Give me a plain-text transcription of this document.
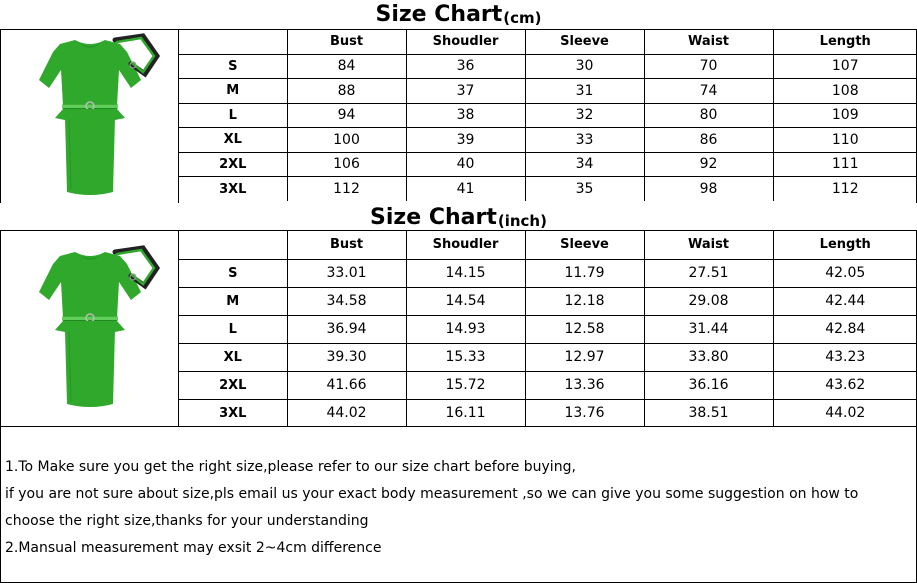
Size Chart (cm)
	Bust	Shoudler	Sleeve	Waist	Length
S	84	36	30	70	107
M	88	37	31	74	108
L	94	38	32	80	109
XL	100	39	33	86	110
2XL	106	40	34	92	111
3XL	112	41	35	98	112
Size Chart (inch)
	Bust	Shoudler	Sleeve	Waist	Length
S	33.01	14.15	11.79	27.51	42.05
M	34.58	14.54	12.18	29.08	42.44
L	36.94	14.93	12.58	31.44	42.84
XL	39.30	15.33	12.97	33.80	43.23
2XL	41.66	15.72	13.36	36.16	43.62
3XL	44.02	16.11	13.76	38.51	44.02

1.To Make sure you get the right size,please refer to our size chart before buying,

if you are not sure about size,pls email us your exact body measurement ,so we can give you some suggestion on how to

choose the right size,thanks for your understanding

2.Mansual measurement may exsit 2~4cm difference
